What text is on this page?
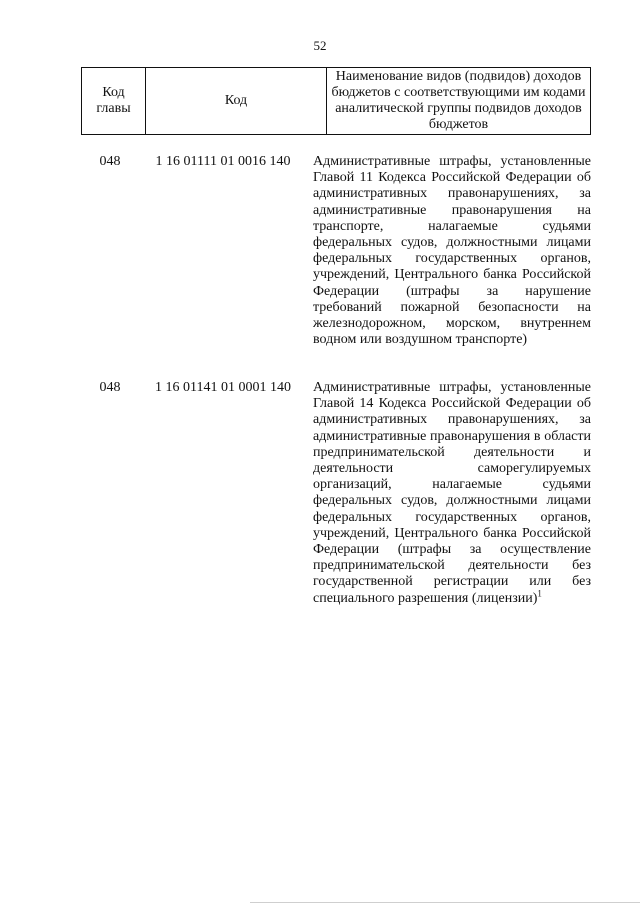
52
Код главы	Код	Наименование видов (подвидов) доходов бюджетов с соответствующими им кодами аналитической группы подвидов доходов бюджетов
048	1 16 01111 01 0016 140	Административные штрафы, установленные Главой 11 Кодекса Российской Федерации об административных правонарушениях, за административные правонарушения на транспорте, налагаемые судьями федеральных судов, должностными лицами федеральных государственных органов, учреждений, Центрального банка Российской Федерации (штрафы за нарушение требований пожарной безопасности на железнодорожном, морском, внутреннем водном или воздушном транспорте)
048	1 16 01141 01 0001 140	Административные штрафы, установленные Главой 14 Кодекса Российской Федерации об административных правонарушениях, за административные правонарушения в области предпринимательской деятельности и деятельности саморегулируемых организаций, налагаемые судьями федеральных судов, должностными лицами федеральных государственных органов, учреждений, Центрального банка Российской Федерации (штрафы за осуществление предпринимательской деятельности без государственной регистрации или без специального разрешения (лицензии)$^1$
